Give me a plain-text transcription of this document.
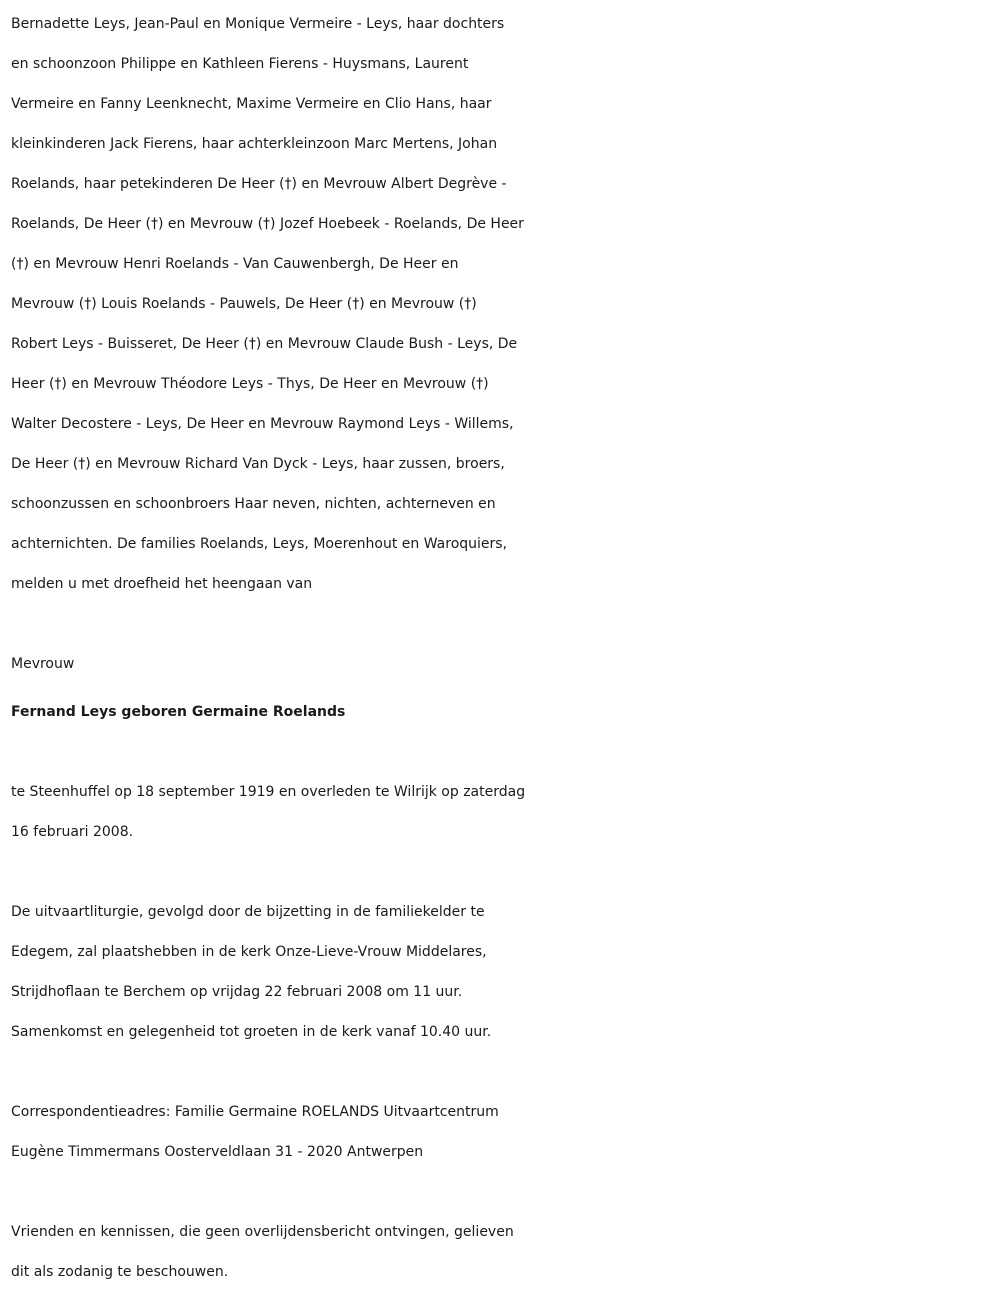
Bernadette Leys, Jean-Paul en Monique Vermeire - Leys, haar dochters
en schoonzoon Philippe en Kathleen Fierens - Huysmans, Laurent
Vermeire en Fanny Leenknecht, Maxime Vermeire en Clio Hans, haar
kleinkinderen Jack Fierens, haar achterkleinzoon Marc Mertens, Johan
Roelands, haar petekinderen De Heer (†) en Mevrouw Albert Degrève -
Roelands, De Heer (†) en Mevrouw (†) Jozef Hoebeek - Roelands, De Heer
(†) en Mevrouw Henri Roelands - Van Cauwenbergh, De Heer en
Mevrouw (†) Louis Roelands - Pauwels, De Heer (†) en Mevrouw (†)
Robert Leys - Buisseret, De Heer (†) en Mevrouw Claude Bush - Leys, De
Heer (†) en Mevrouw Théodore Leys - Thys, De Heer en Mevrouw (†)
Walter Decostere - Leys, De Heer en Mevrouw Raymond Leys - Willems,
De Heer (†) en Mevrouw Richard Van Dyck - Leys, haar zussen, broers,
schoonzussen en schoonbroers Haar neven, nichten, achterneven en
achternichten. De families Roelands, Leys, Moerenhout en Waroquiers,
melden u met droefheid het heengaan van
Mevrouw
Fernand Leys geboren Germaine Roelands
te Steenhuffel op 18 september 1919 en overleden te Wilrijk op zaterdag
16 februari 2008.
De uitvaartliturgie, gevolgd door de bijzetting in de familiekelder te
Edegem, zal plaatshebben in de kerk Onze-Lieve-Vrouw Middelares,
Strijdhoflaan te Berchem op vrijdag 22 februari 2008 om 11 uur.
Samenkomst en gelegenheid tot groeten in de kerk vanaf 10.40 uur.
Correspondentieadres: Familie Germaine ROELANDS Uitvaartcentrum
Eugène Timmermans Oosterveldlaan 31 - 2020 Antwerpen
Vrienden en kennissen, die geen overlijdensbericht ontvingen, gelieven
dit als zodanig te beschouwen.
